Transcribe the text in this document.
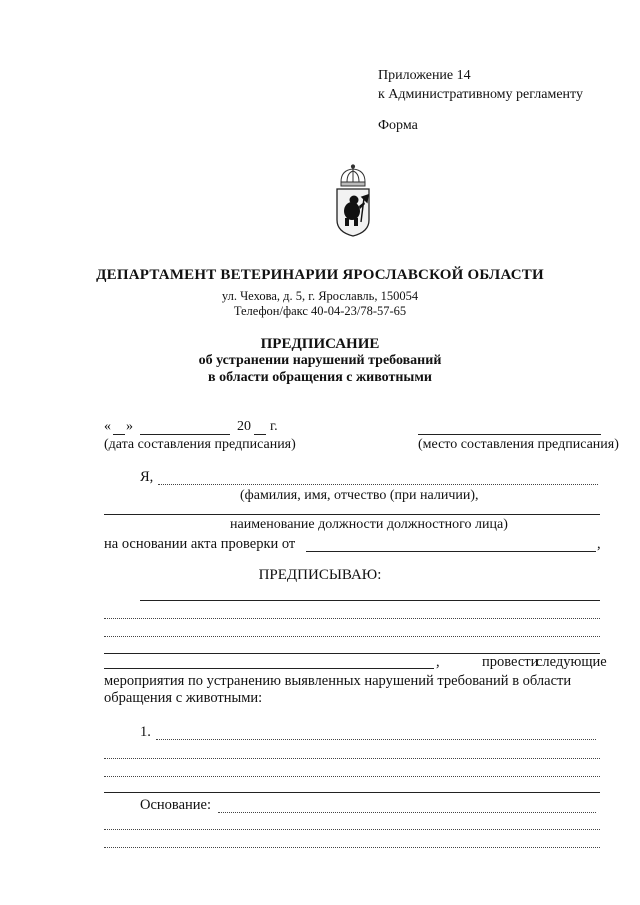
Приложение 14
к Административному регламенту
Форма
ДЕПАРТАМЕНТ ВЕТЕРИНАРИИ ЯРОСЛАВСКОЙ ОБЛАСТИ
ул. Чехова, д. 5, г. Ярославль, 150054
Телефон/факс 40-04-23/78-57-65
ПРЕДПИСАНИЕ
об устранении нарушений требований
в области обращения с животными
« »	20 г.
(дата составления предписания)	(место составления предписания)
Я,
(фамилия, имя, отчество (при наличии),
наименование должности должностного лица)
на основании акта проверки от	,
ПРЕДПИСЫВАЮ:
,	провести
следующие
мероприятия по устранению выявленных нарушений требований в области
обращения с животными:
1.
Основание:
